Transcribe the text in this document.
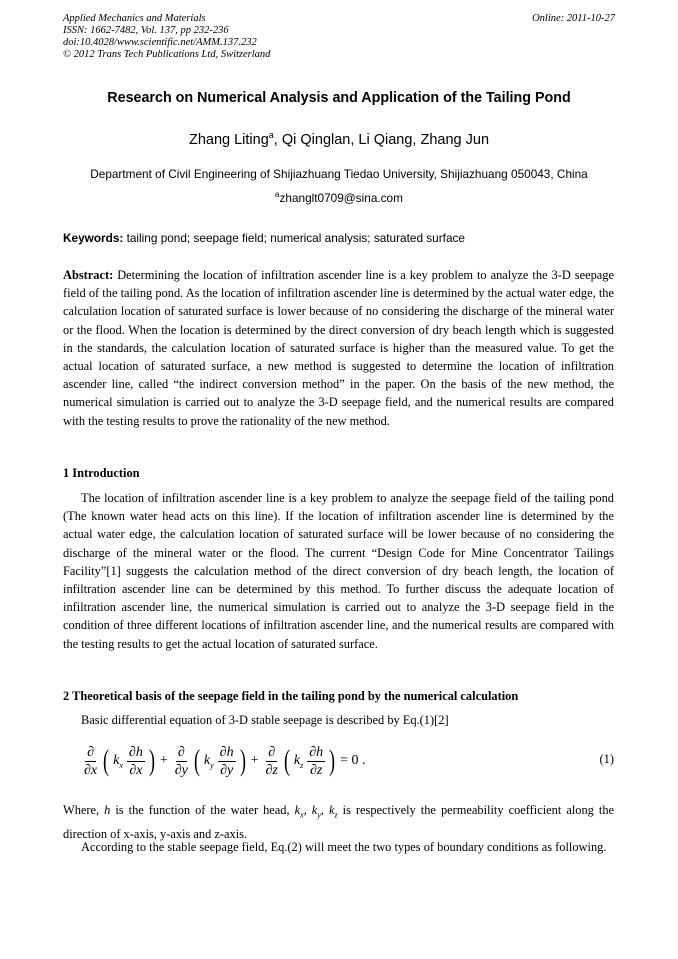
Applied Mechanics and Materials
ISSN: 1662-7482, Vol. 137, pp 232-236
doi:10.4028/www.scientific.net/AMM.137.232
© 2012 Trans Tech Publications Ltd, Switzerland
Online: 2011-10-27
Research on Numerical Analysis and Application of the Tailing Pond
Zhang Liting$^a$, Qi Qinglan, Li Qiang, Zhang Jun
Department of Civil Engineering of Shijiazhuang Tiedao University, Shijiazhuang 050043, China
$^a$zhanglt0709@sina.com
Keywords: tailing pond; seepage field; numerical analysis; saturated surface
Abstract: Determining the location of infiltration ascender line is a key problem to analyze the 3-D seepage field of the tailing pond. As the location of infiltration ascender line is determined by the actual water edge, the calculation location of saturated surface is lower because of no considering the discharge of the mineral water or the flood. When the location is determined by the direct conversion of dry beach length which is suggested in the standards, the calculation location of saturated surface is higher than the measured value. To get the actual location of saturated surface, a new method is suggested to determine the location of infiltration ascender line, called “the indirect conversion method” in the paper. On the basis of the new method, the numerical simulation is carried out to analyze the 3-D seepage field, and the numerical results are compared with the testing results to prove the rationality of the new method.
1 Introduction
The location of infiltration ascender line is a key problem to analyze the seepage field of the tailing pond (The known water head acts on this line). If the location of infiltration ascender line is determined by the actual water edge, the calculation location of saturated surface will be lower because of no considering the discharge of the mineral water or the flood. The current “Design Code for Mine Concentrator Tailings Facility”[1] suggests the calculation method of the direct conversion of dry beach length, the location of infiltration ascender line can be determined by this method. To further discuss the adequate location of infiltration ascender line, the numerical simulation is carried out to analyze the 3-D seepage field in the condition of three different locations of infiltration ascender line, and the numerical results are compared with the testing results to get the actual location of saturated surface.
2 Theoretical basis of the seepage field in the tailing pond by the numerical calculation
Basic differential equation of 3-D stable seepage is described by Eq.(1)[2]
$\frac{\partial}{\partial x}$ ( $k_x \frac{\partial h}{\partial x}$ ) + $\frac{\partial}{\partial y}$ ( $k_y \frac{\partial h}{\partial y}$ ) + $\frac{\partial}{\partial z}$ ( $k_z \frac{\partial h}{\partial z}$ ) = 0 .	(1)
Where, h is the function of the water head, $k_x$, $k_y$, $k_z$ is respectively the permeability coefficient along the direction of x-axis, y-axis and z-axis.
According to the stable seepage field, Eq.(2) will meet the two types of boundary conditions as following.
